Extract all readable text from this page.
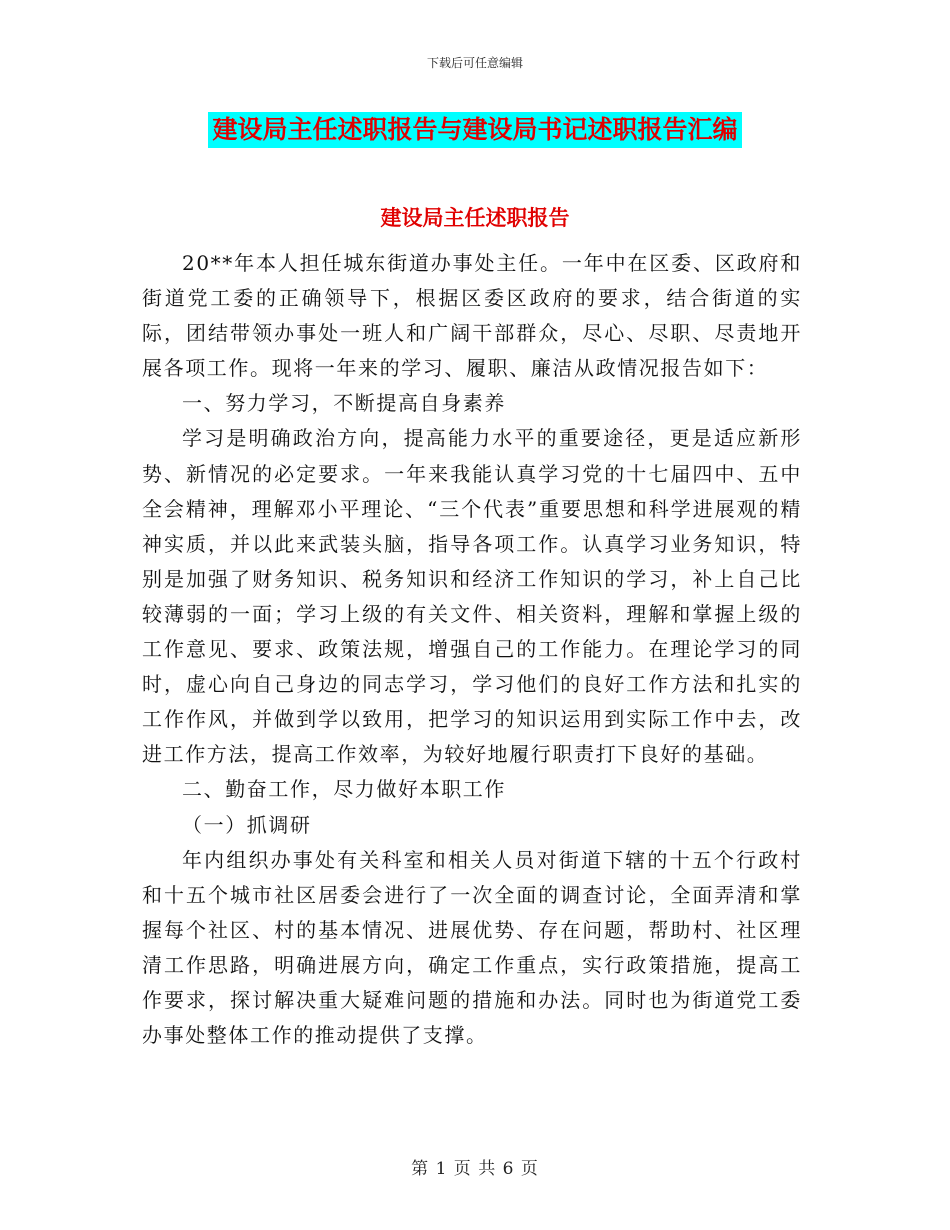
下载后可任意编辑
建设局主任述职报告与建设局书记述职报告汇编
建设局主任述职报告

20**年本人担任城东街道办事处主任。一年中在区委、区政府和街道党工委的正确领导下，根据区委区政府的要求，结合街道的实际，团结带领办事处一班人和广阔干部群众，尽心、尽职、尽责地开展各项工作。现将一年来的学习、履职、廉洁从政情况报告如下：

一、努力学习，不断提高自身素养

学习是明确政治方向，提高能力水平的重要途径，更是适应新形势、新情况的必定要求。一年来我能认真学习党的十七届四中、五中全会精神，理解邓小平理论、“三个代表”重要思想和科学进展观的精神实质，并以此来武装头脑，指导各项工作。认真学习业务知识，特别是加强了财务知识、税务知识和经济工作知识的学习，补上自己比较薄弱的一面；学习上级的有关文件、相关资料，理解和掌握上级的工作意见、要求、政策法规，增强自己的工作能力。在理论学习的同时，虚心向自己身边的同志学习，学习他们的良好工作方法和扎实的工作作风，并做到学以致用，把学习的知识运用到实际工作中去，改进工作方法，提高工作效率，为较好地履行职责打下良好的基础。

二、勤奋工作，尽力做好本职工作

（一）抓调研

年内组织办事处有关科室和相关人员对街道下辖的十五个行政村和十五个城市社区居委会进行了一次全面的调查讨论，全面弄清和掌握每个社区、村的基本情况、进展优势、存在问题，帮助村、社区理清工作思路，明确进展方向，确定工作重点，实行政策措施，提高工作要求，探讨解决重大疑难问题的措施和办法。同时也为街道党工委办事处整体工作的推动提供了支撑。

第 1 页 共 6 页
